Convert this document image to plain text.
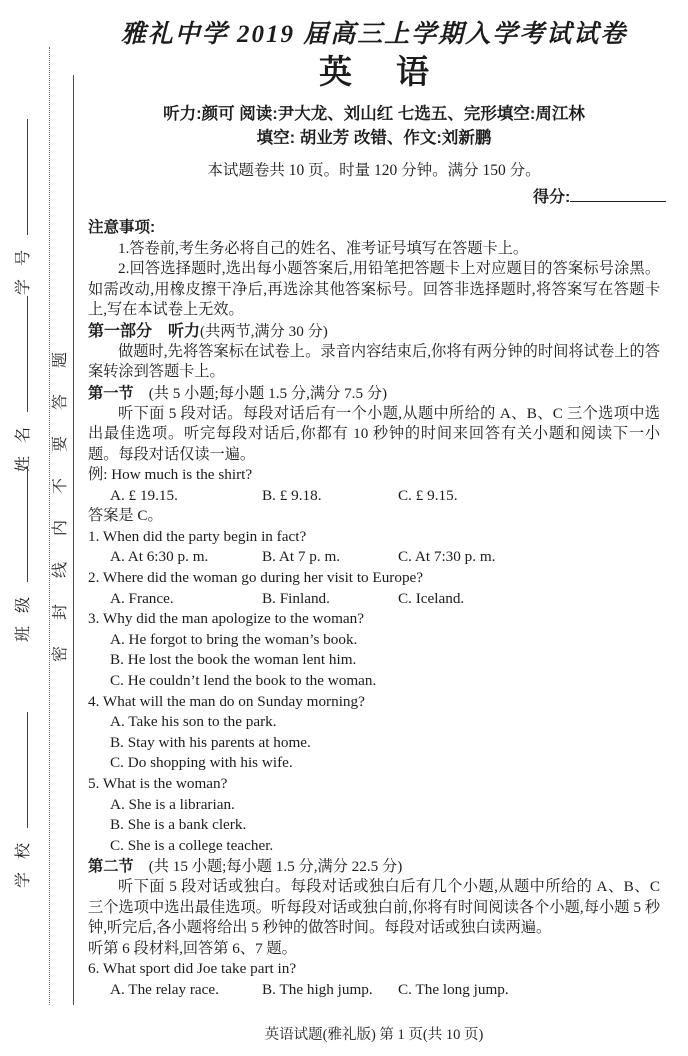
学号
姓名
班级
学校
密封线内不要答题
雅礼中学 2019 届高三上学期入学考试试卷
英语
听力:颜可 阅读:尹大龙、刘山红 七选五、完形填空:周江林
填空: 胡业芳 改错、作文:刘新鹏
本试题卷共 10 页。时量 120 分钟。满分 150 分。
得分:

注意事项:

1.答卷前,考生务必将自己的姓名、准考证号填写在答题卡上。

2.回答选择题时,选出每小题答案后,用铅笔把答题卡上对应题目的答案标号涂黑。如需改动,用橡皮擦干净后,再选涂其他答案标号。回答非选择题时,将答案写在答题卡上,写在本试卷上无效。

第一部分　听力(共两节,满分 30 分)

做题时,先将答案标在试卷上。录音内容结束后,你将有两分钟的时间将试卷上的答案转涂到答题卡上。

第一节　(共 5 小题;每小题 1.5 分,满分 7.5 分)

听下面 5 段对话。每段对话后有一个小题,从题中所给的 A、B、C 三个选项中选出最佳选项。听完每段对话后,你都有 10 秒钟的时间来回答有关小题和阅读下一小题。每段对话仅读一遍。

例: How much is the shirt?

A. £ 19.15.	B. £ 9.18.	C. £ 9.15.

答案是 C。

1. When did the party begin in fact?

A. At 6:30 p. m.	B. At 7 p. m.	C. At 7:30 p. m.

2. Where did the woman go during her visit to Europe?

A. France.	B. Finland.	C. Iceland.

3. Why did the man apologize to the woman?

A. He forgot to bring the woman’s book.

B. He lost the book the woman lent him.

C. He couldn’t lend the book to the woman.

4. What will the man do on Sunday morning?

A. Take his son to the park.

B. Stay with his parents at home.

C. Do shopping with his wife.

5. What is the woman?

A. She is a librarian.

B. She is a bank clerk.

C. She is a college teacher.

第二节　(共 15 小题;每小题 1.5 分,满分 22.5 分)

听下面 5 段对话或独白。每段对话或独白后有几个小题,从题中所给的 A、B、C 三个选项中选出最佳选项。听每段对话或独白前,你将有时间阅读各个小题,每小题 5 秒钟,听完后,各小题将给出 5 秒钟的做答时间。每段对话或独白读两遍。

听第 6 段材料,回答第 6、7 题。

6. What sport did Joe take part in?

A. The relay race.	B. The high jump.	C. The long jump.
英语试题(雅礼版) 第 1 页(共 10 页)
